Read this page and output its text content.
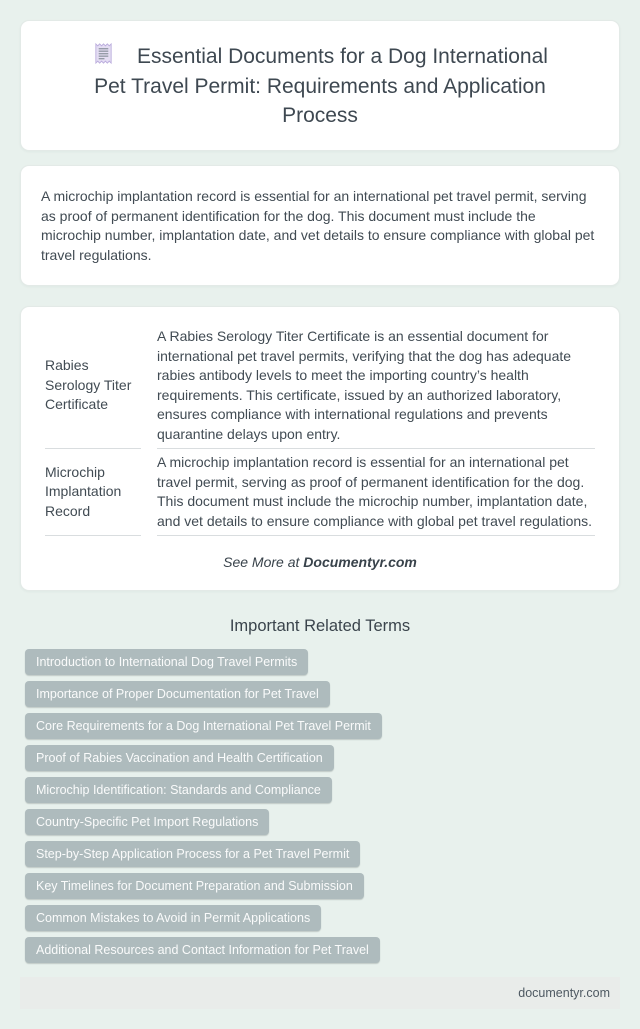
Essential Documents for a Dog International
Pet Travel Permit: Requirements and Application
Process

A microchip implantation record is essential for an international pet travel permit, serving as proof of permanent identification for the dog. This document must include the microchip number, implantation date, and vet details to ensure compliance with global pet travel regulations.

Rabies Serology Titer Certificate	A Rabies Serology Titer Certificate is an essential document for international pet travel permits, verifying that the dog has adequate rabies antibody levels to meet the importing country’s health requirements. This certificate, issued by an authorized laboratory, ensures compliance with international regulations and prevents quarantine delays upon entry.
Microchip Implantation Record	A microchip implantation record is essential for an international pet travel permit, serving as proof of permanent identification for the dog. This document must include the microchip number, implantation date, and vet details to ensure compliance with global pet travel regulations.
See More at Documentyr.com
Important Related Terms
Introduction to International Dog Travel PermitsImportance of Proper Documentation for Pet Travel
Core Requirements for a Dog International Pet Travel Permit
Proof of Rabies Vaccination and Health CertificationMicrochip Identification: Standards and Compliance
Country-Specific Pet Import RegulationsStep-by-Step Application Process for a Pet Travel Permit
Key Timelines for Document Preparation and Submission
Common Mistakes to Avoid in Permit Applications
Additional Resources and Contact Information for Pet Travel
documentyr.com
